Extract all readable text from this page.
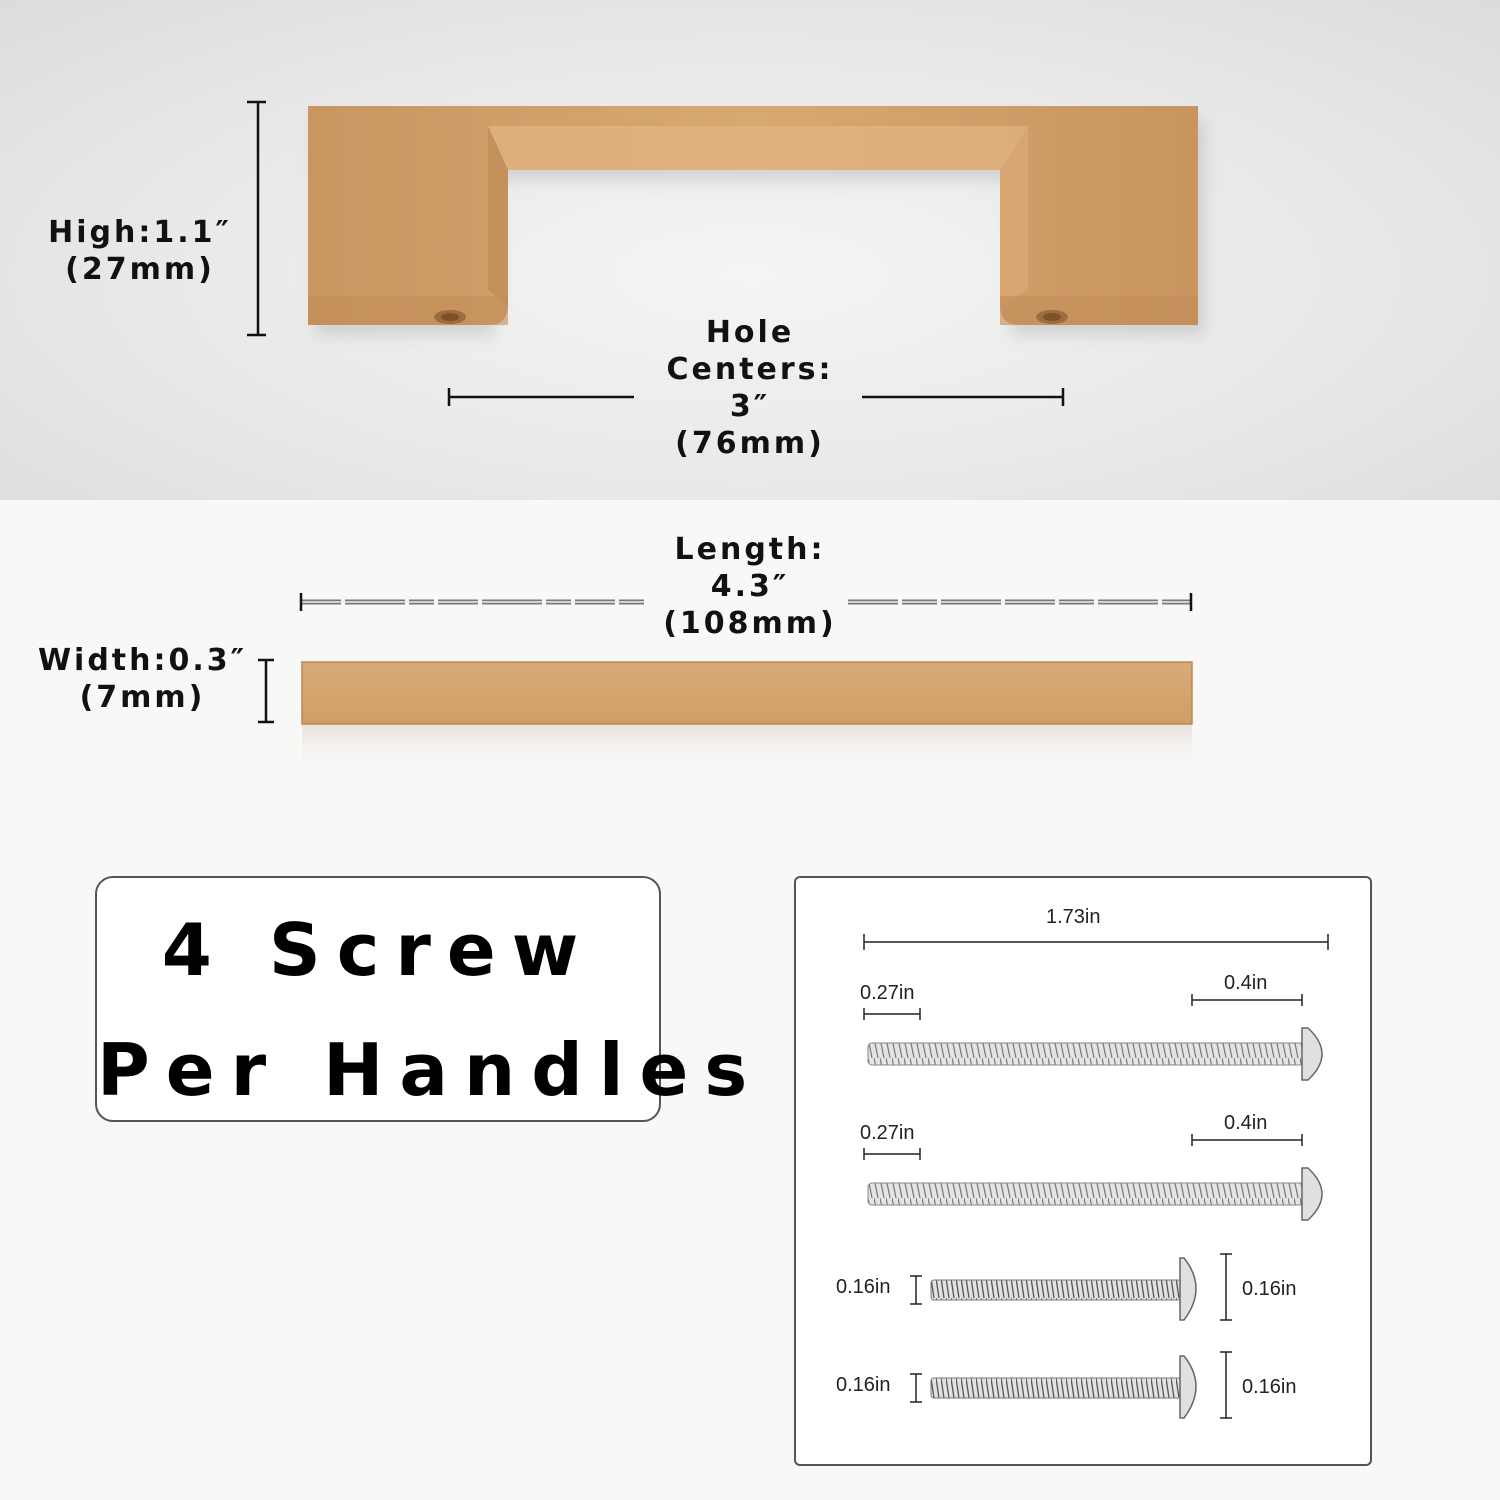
High:1.1″
(27mm)
Hole
Centers:
3″
(76mm)
Length:
4.3″
(108mm)
Width:0.3″
(7mm)
4 Screw
Per Handles
1.73in
0.27in	0.4in
0.27in	0.4in
0.16in	0.16in
0.16in	0.16in
